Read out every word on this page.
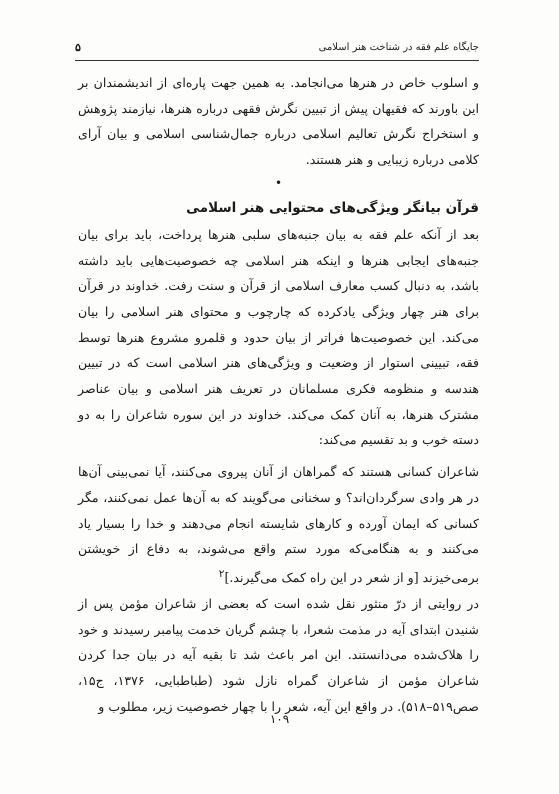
جایگاه علم فقه در شناخت هنر اسلامی
۵

و اسلوب خاص در هنرها می‌انجامد. به همین جهت پاره‌ای از اندیشمندان بر این باورند که فقیهان پیش از تبیین نگرش فقهی درباره هنرها، نیازمند پژوهش و استخراج نگرش تعالیم اسلامی درباره جمال‌شناسی اسلامی و بیان آرای کلامی درباره زیبایی و هنر هستند.

•
قرآن بیانگر ویژگی‌های محتوایی هنر اسلامی

بعد از آنکه علم فقه به بیان جنبه‌های سلبی هنرها پرداخت، باید برای بیان جنبه‌های ایجابی هنرها و اینکه هنر اسلامی چه خصوصیت‌هایی باید داشته باشد، به دنبال کسب معارف اسلامی از قرآن و سنت رفت. خداوند در قرآن برای هنر چهار ویژگی یادکرده که چارچوب و محتوای هنر اسلامی را بیان می‌کند. این خصوصیت‌ها فراتر از بیان حدود و قلمرو مشروع هنرها توسط فقه، تبیینی استوار از وضعیت و ویژگی‌های هنر اسلامی است که در تبیین هندسه و منظومه فکری مسلمانان در تعریف هنر اسلامی و بیان عناصر مشترک هنرها، به آنان کمک می‌کند. خداوند در این سوره شاعران را به دو دسته خوب و بد تقسیم می‌کند:

شاعران کسانی هستند که گمراهان از آنان پیروی می‌کنند، آیا نمی‌بینی آن‌ها در هر وادی سرگردان‌اند؟ و سخنانی می‌گویند که به آن‌ها عمل نمی‌کنند، مگر کسانی که ایمان آورده و کارهای شایسته انجام می‌دهند و خدا را بسیار یاد می‌کنند و به هنگامی‌که مورد ستم واقع می‌شوند، به دفاع از خویشتن برمی‌خیزند [و از شعر در این راه کمک می‌گیرند.]$^۲$

در روایتی از درّ منثور نقل شده است که بعضی از شاعران مؤمن پس از شنیدن ابتدای آیه در مذمت شعرا، با چشم گریان خدمت پیامبر رسیدند و خود را هلاک‌شده می‌دانستند. این امر باعث شد تا بقیه آیه در بیان جدا کردن شاعران مؤمن از شاعران گمراه نازل شود (طباطبایی، ۱۳۷۶، ج۱۵، صص۵۱۹–۵۱۸). در واقع این آیه، شعر را با چهار خصوصیت زیر، مطلوب و

۱۰۹
